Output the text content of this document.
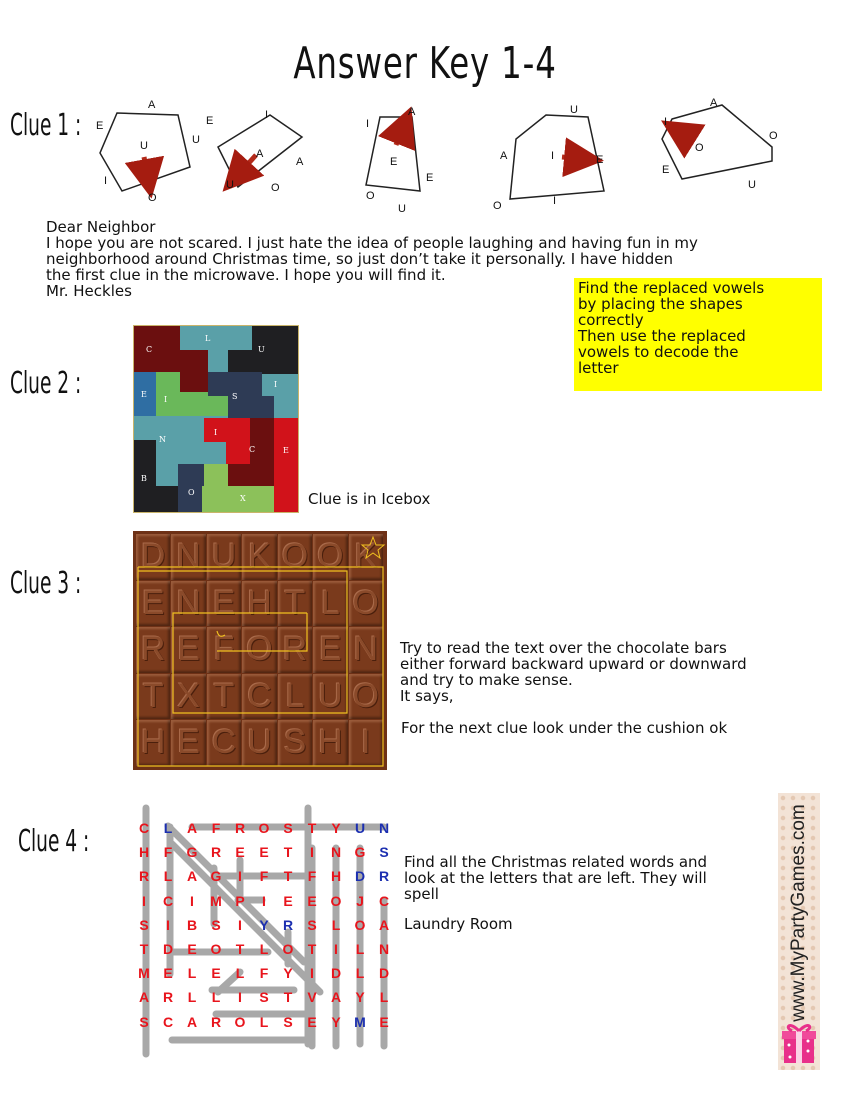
Answer Key 1-4
Clue 1 :
A
E
U
U
I
O
I
E
A
A
U	O
A
I
E
E
O
U
U
A	I	E
O	I
A
I
O
O
E
U
Dear Neighbor
I hope you are not scared. I just hate the idea of people laughing and having fun in my
neighborhood around Christmas time, so just don’t take it personally. I have hidden
the first clue in the microwave. I hope you will find it.
Mr. Heckles	Find the replaced vowels
by placing the shapes
correctly
Then use the replaced
vowels to decode the
letter
Clue 2 :
C
L
U
E
I	S
I
N
I
C	E
B
O
X	Clue is in Icebox
Clue 3 :
D N U K O O K
E N E H T L O
R E F O R E N
T X T C L U O
H E C U S H I
Try to read the text over the chocolate bars
either forward backward upward or downward
and try to make sense.
It says,
For the next clue look under the cushion ok
Clue 4 :	C	L	A	F	R O S	T	Y	U N
H	F	G R	E	E	T	I	N G S
R	L	A G	I	F	T	F	H D R
I	C	I	M P	I	E	E O	J	C
S	I	B	S	I	Y	R	S	L	O A
T	D	E O	T	L	O	T	I	L	N
M E	L	E	L	F	Y	I	D	L	D
A R	L	L	I	S	T	V	A	Y	L
S	C A R O	L	S	E	Y M E
Find all the Christmas related words and
look at the letters that are left. They will
spell
Laundry Room	www.MyPartyGames.com
